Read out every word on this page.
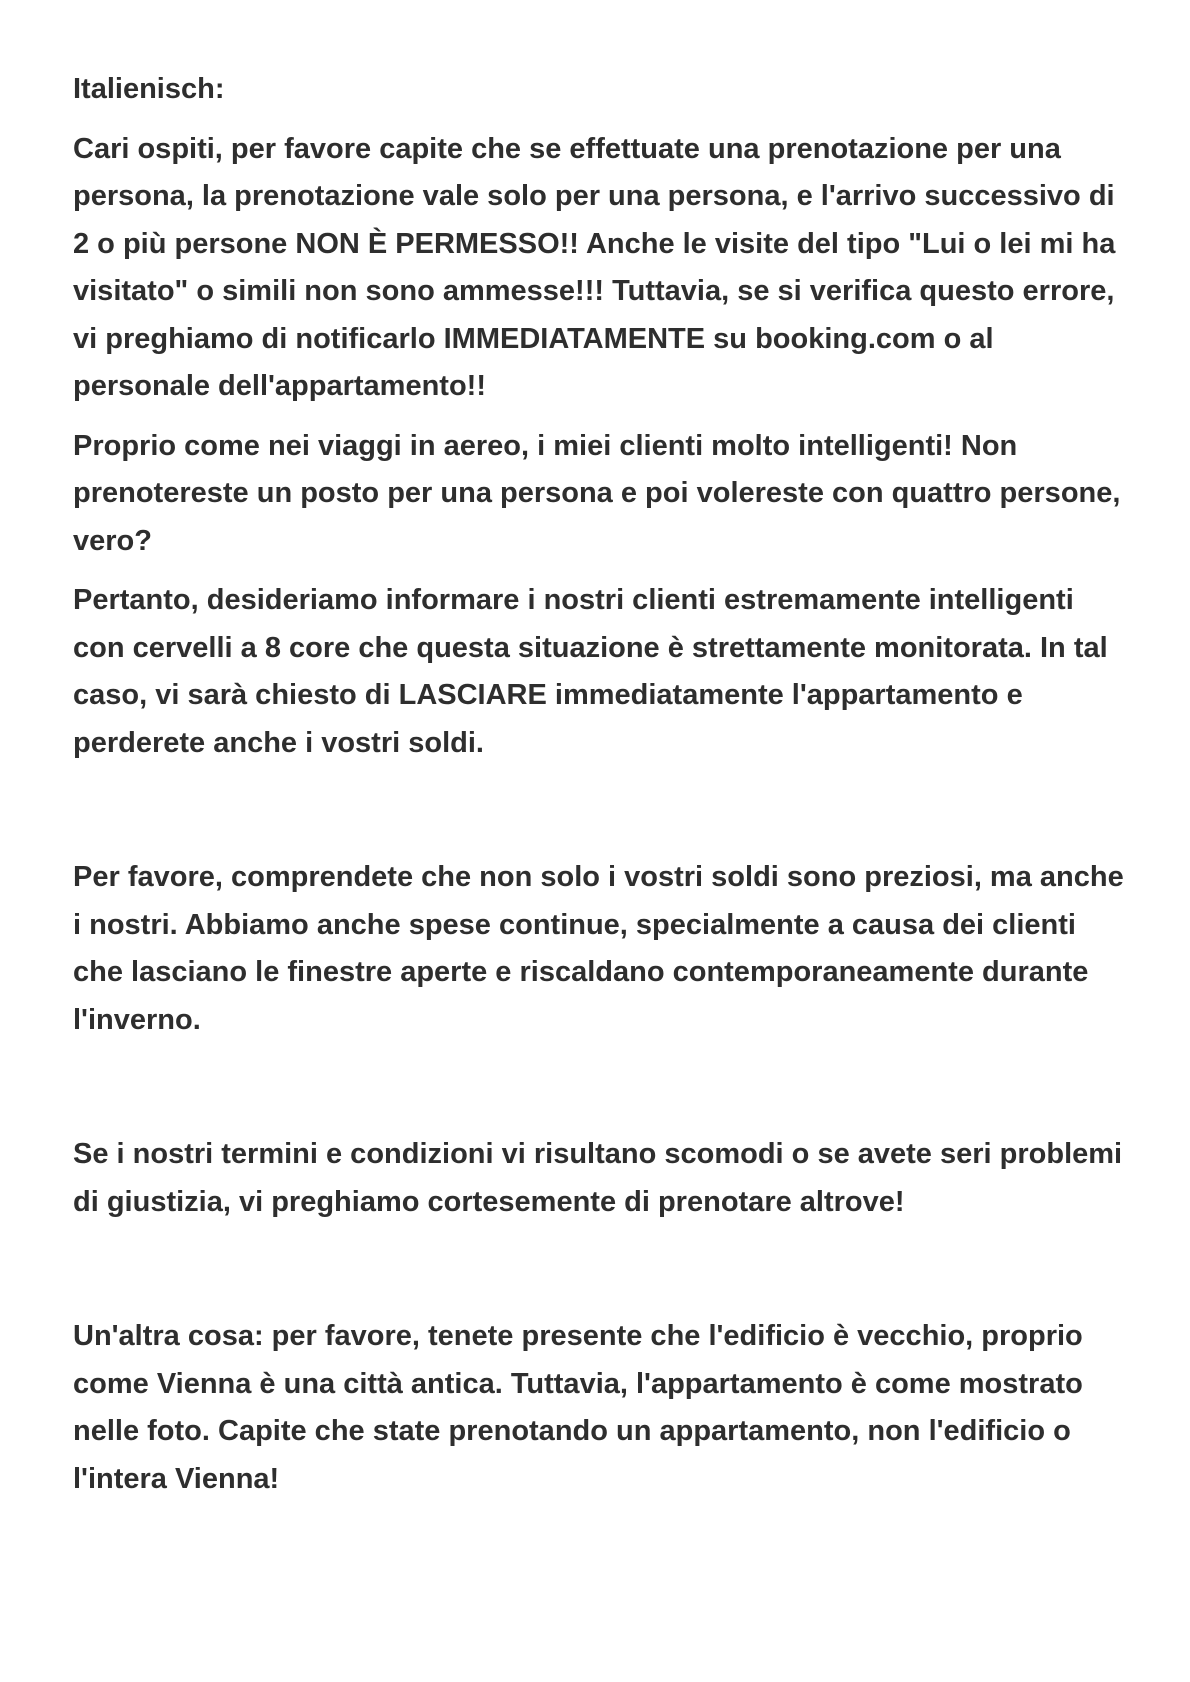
Italienisch:

Cari ospiti, per favore capite che se effettuate una prenotazione per una persona, la prenotazione vale solo per una persona, e l'arrivo successivo di 2 o più persone NON È PERMESSO!! Anche le visite del tipo "Lui o lei mi ha visitato" o simili non sono ammesse!!! Tuttavia, se si verifica questo errore, vi preghiamo di notificarlo IMMEDIATAMENTE su booking.com o al personale dell'appartamento!!

Proprio come nei viaggi in aereo, i miei clienti molto intelligenti! Non prenotereste un posto per una persona e poi volereste con quattro persone, vero?

Pertanto, desideriamo informare i nostri clienti estremamente intelligenti con cervelli a 8 core che questa situazione è strettamente monitorata. In tal caso, vi sarà chiesto di LASCIARE immediatamente l'appartamento e perderete anche i vostri soldi.

Per favore, comprendete che non solo i vostri soldi sono preziosi, ma anche i nostri. Abbiamo anche spese continue, specialmente a causa dei clienti che lasciano le finestre aperte e riscaldano contemporaneamente durante l'inverno.

Se i nostri termini e condizioni vi risultano scomodi o se avete seri problemi di giustizia, vi preghiamo cortesemente di prenotare altrove!

Un'altra cosa: per favore, tenete presente che l'edificio è vecchio, proprio come Vienna è una città antica. Tuttavia, l'appartamento è come mostrato nelle foto. Capite che state prenotando un appartamento, non l'edificio o l'intera Vienna!
